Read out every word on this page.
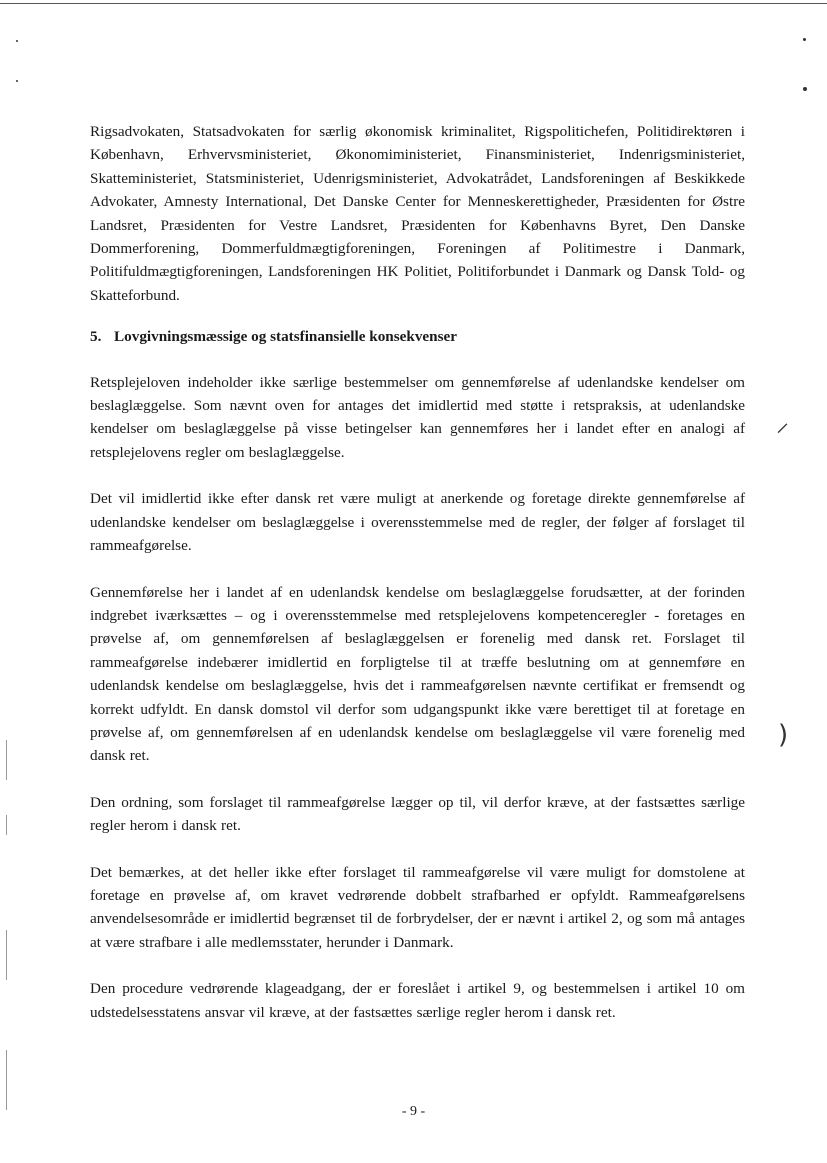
⸝
)

Rigsadvokaten, Statsadvokaten for særlig økonomisk kriminalitet, Rigspolitichefen, Politidirektøren i København, Erhvervsministeriet, Økonomiministeriet, Finansministeriet, Indenrigsministeriet, Skatteministeriet, Statsministeriet, Udenrigsministeriet, Advokatrådet, Landsforeningen af Beskikkede Advokater, Amnesty International, Det Danske Center for Menneskerettigheder, Præsidenten for Østre Landsret, Præsidenten for Vestre Landsret, Præsidenten for Københavns Byret, Den Danske Dommerforening, Dommerfuldmægtigforeningen, Foreningen af Politimestre i Danmark, Politifuldmægtigforeningen, Landsforeningen HK Politiet, Politiforbundet i Danmark og Dansk Told- og Skatteforbund.

5. Lovgivningsmæssige og statsfinansielle konsekvenser

Retsplejeloven indeholder ikke særlige bestemmelser om gennemførelse af udenlandske kendelser om beslaglæggelse. Som nævnt oven for antages det imidlertid med støtte i retspraksis, at udenlandske kendelser om beslaglæggelse på visse betingelser kan gennemføres her i landet efter en analogi af retsplejelovens regler om beslaglæggelse.

Det vil imidlertid ikke efter dansk ret være muligt at anerkende og foretage direkte gennemførelse af udenlandske kendelser om beslaglæggelse i overensstemmelse med de regler, der følger af forslaget til rammeafgørelse.

Gennemførelse her i landet af en udenlandsk kendelse om beslaglæggelse forudsætter, at der forinden indgrebet iværksættes – og i overensstemmelse med retsplejelovens kompetenceregler - foretages en prøvelse af, om gennemførelsen af beslaglæggelsen er forenelig med dansk ret. Forslaget til rammeafgørelse indebærer imidlertid en forpligtelse til at træffe beslutning om at gennemføre en udenlandsk kendelse om beslaglæggelse, hvis det i rammeafgørelsen nævnte certifikat er fremsendt og korrekt udfyldt. En dansk domstol vil derfor som udgangspunkt ikke være berettiget til at foretage en prøvelse af, om gennemførelsen af en udenlandsk kendelse om beslaglæggelse vil være forenelig med dansk ret.

Den ordning, som forslaget til rammeafgørelse lægger op til, vil derfor kræve, at der fastsættes særlige regler herom i dansk ret.

Det bemærkes, at det heller ikke efter forslaget til rammeafgørelse vil være muligt for domstolene at foretage en prøvelse af, om kravet vedrørende dobbelt strafbarhed er opfyldt. Rammeafgørelsens anvendelsesområde er imidlertid begrænset til de forbrydelser, der er nævnt i artikel 2, og som må antages at være strafbare i alle medlemsstater, herunder i Danmark.

Den procedure vedrørende klageadgang, der er foreslået i artikel 9, og bestemmelsen i artikel 10 om udstedelsesstatens ansvar vil kræve, at der fastsættes særlige regler herom i dansk ret.

- 9 -
